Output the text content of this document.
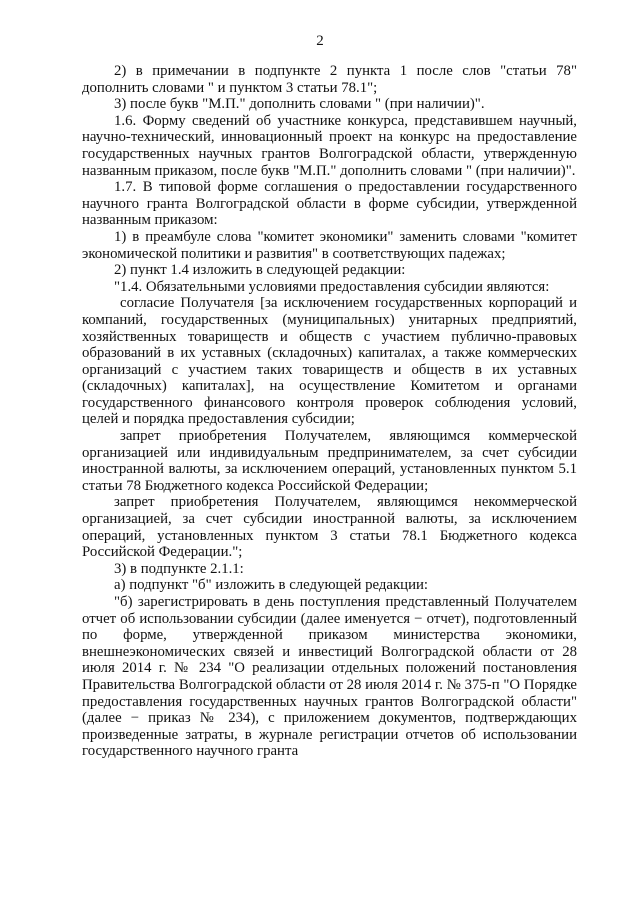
2

2) в примечании в подпункте 2 пункта 1 после слов "статьи 78" дополнить словами " и пунктом 3 статьи 78.1";

3) после букв "М.П." дополнить словами " (при наличии)".

1.6. Форму сведений об участнике конкурса, представившем научный, научно-технический, инновационный проект на конкурс на предоставление государственных научных грантов Волгоградской области, утвержденную названным приказом, после букв "М.П." дополнить словами " (при наличии)".

1.7. В типовой форме соглашения о предоставлении государственного научного гранта Волгоградской области в форме субсидии, утвержденной названным приказом:

1) в преамбуле слова "комитет экономики" заменить словами "комитет экономической политики и развития" в соответствующих падежах;

2) пункт 1.4 изложить в следующей редакции:

"1.4. Обязательными условиями предоставления субсидии являются:

согласие Получателя [за исключением государственных корпораций и компаний, государственных (муниципальных) унитарных предприятий, хозяйственных товариществ и обществ с участием публично-правовых образований в их уставных (складочных) капиталах, а также коммерческих организаций с участием таких товариществ и обществ в их уставных (складочных) капиталах], на осуществление Комитетом и органами государственного финансового контроля проверок соблюдения условий, целей и порядка предоставления субсидии;

запрет приобретения Получателем, являющимся коммерческой организацией или индивидуальным предпринимателем, за счет субсидии иностранной валюты, за исключением операций, установленных пунктом 5.1 статьи 78 Бюджетного кодекса Российской Федерации;

запрет приобретения Получателем, являющимся некоммерческой организацией, за счет субсидии иностранной валюты, за исключением операций, установленных пунктом 3 статьи 78.1 Бюджетного кодекса Российской Федерации.";

3) в подпункте 2.1.1:

а) подпункт "б" изложить в следующей редакции:

"б) зарегистрировать в день поступления представленный Получателем отчет об использовании субсидии (далее именуется − отчет), подготовленный по форме, утвержденной приказом министерства экономики, внешнеэкономических связей и инвестиций Волгоградской области от 28 июля 2014 г. № 234 "О реализации отдельных положений постановления Правительства Волгоградской области от 28 июля 2014 г. № 375-п "О Порядке предоставления государственных научных грантов Волгоградской области" (далее − приказ № 234), с приложением документов, подтверждающих произведенные затраты, в журнале регистрации отчетов об использовании государственного научного гранта
